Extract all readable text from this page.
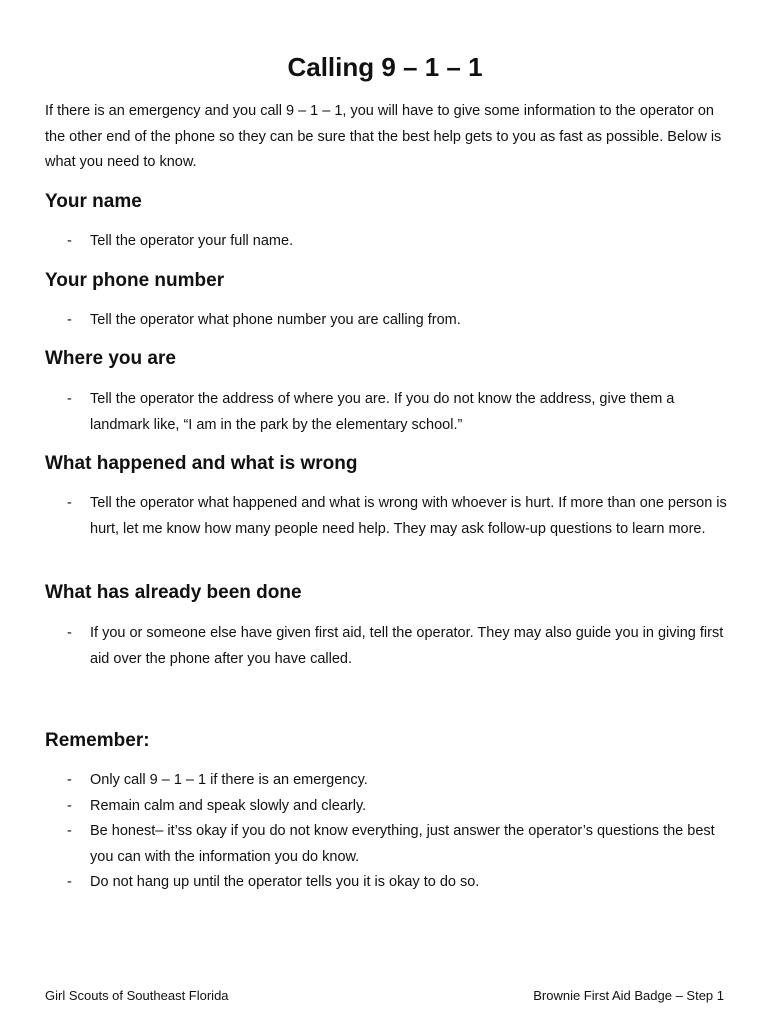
Calling 9 – 1 – 1
If there is an emergency and you call 9 – 1 – 1, you will have to give some information to the operator on the other end of the phone so they can be sure that the best help gets to you as fast as possible. Below is what you need to know.
Your name
- Tell the operator your full name.
Your phone number
- Tell the operator what phone number you are calling from.
Where you are
- Tell the operator the address of where you are. If you do not know the address, give them a landmark like, “I am in the park by the elementary school.”
What happened and what is wrong
- Tell the operator what happened and what is wrong with whoever is hurt. If more than one person is hurt, let me know how many people need help. They may ask follow-up questions to learn more.
What has already been done
- If you or someone else have given first aid, tell the operator. They may also guide you in giving first aid over the phone after you have called.
Remember:
- Only call 9 – 1 – 1 if there is an emergency.
- Remain calm and speak slowly and clearly.
- Be honest– it’ss okay if you do not know everything, just answer the operator’s questions the best you can with the information you do know.
- Do not hang up until the operator tells you it is okay to do so.
Girl Scouts of Southeast Florida	Brownie First Aid Badge – Step 1
